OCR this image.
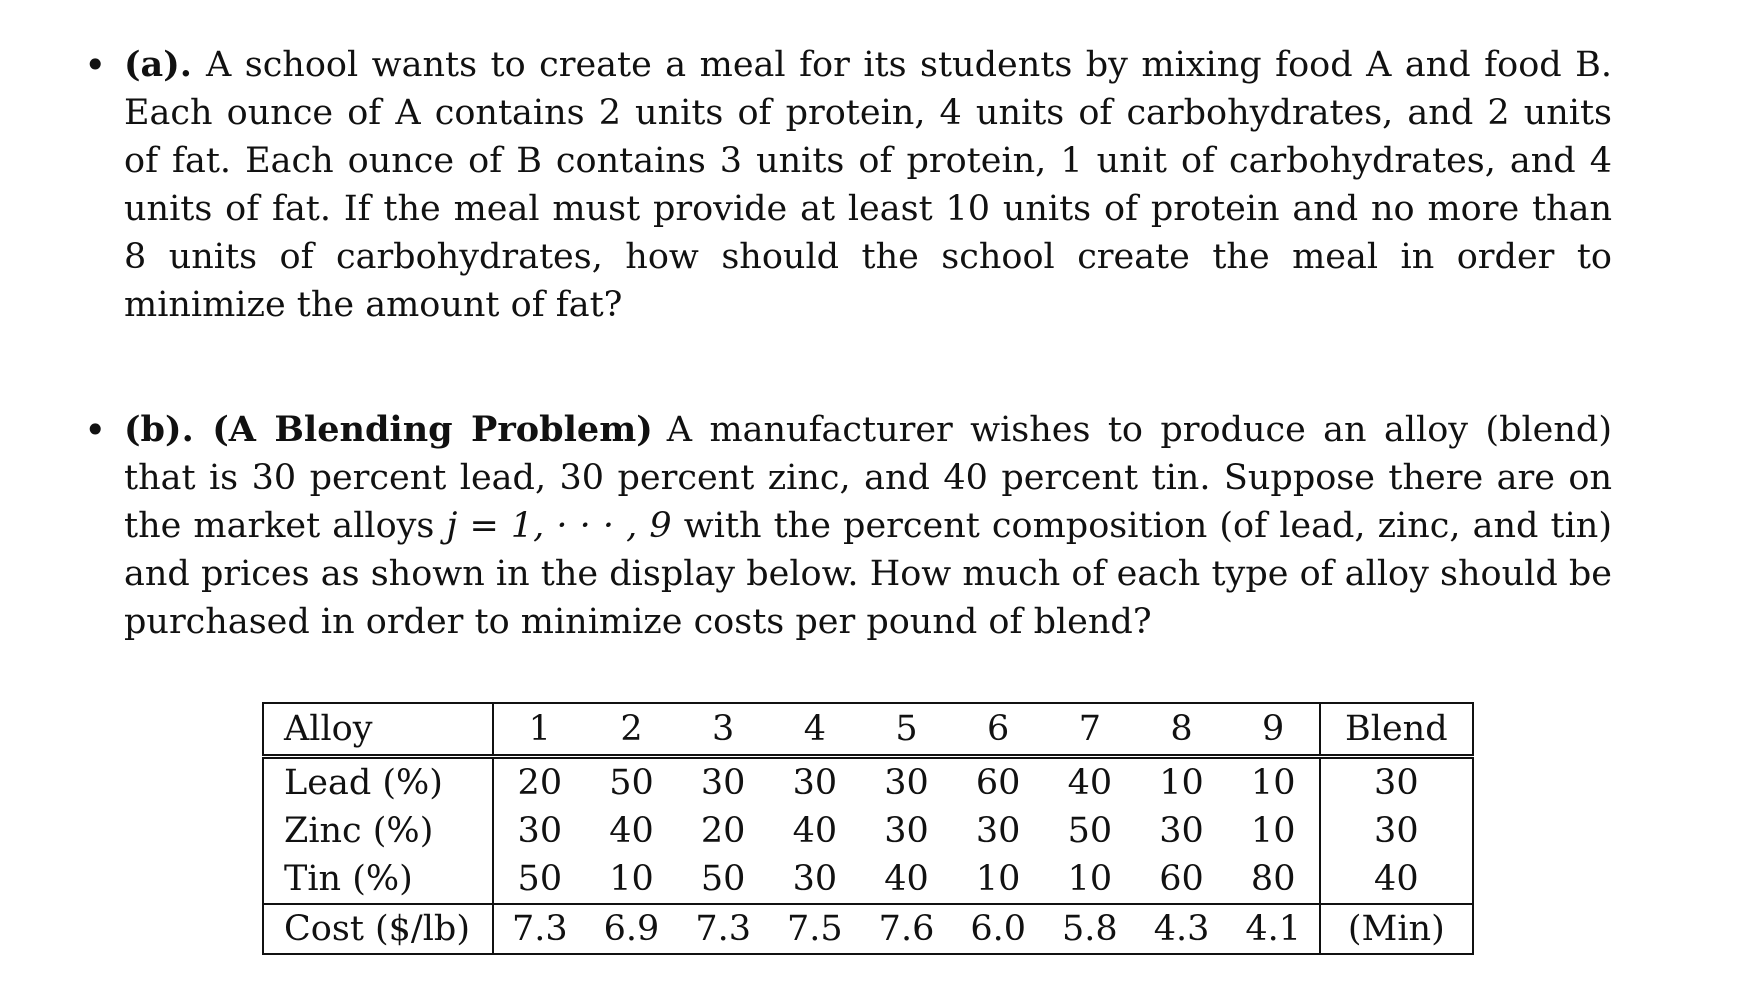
• (a). A school wants to create a meal for its students by mixing food A and food B. Each ounce of A contains 2 units of protein, 4 units of carbohydrates, and 2 units of fat. Each ounce of B contains 3 units of protein, 1 unit of carbohydrates, and 4 units of fat. If the meal must provide at least 10 units of protein and no more than 8 units of carbohydrates, how should the school create the meal in order to minimize the amount of fat?
• (b). (A Blending Problem) A manufacturer wishes to produce an alloy (blend) that is 30 percent lead, 30 percent zinc, and 40 percent tin. Suppose there are on the market alloys j = 1, · · · , 9 with the percent composition (of lead, zinc, and tin) and prices as shown in the display below. How much of each type of alloy should be purchased in order to minimize costs per pound of blend?
Alloy	1	2	3	4	5	6	7	8	9	Blend
Lead (%)	20	50	30	30	30	60	40	10	10	30
Zinc (%)	30	40	20	40	30	30	50	30	10	30
Tin (%)	50	10	50	30	40	10	10	60	80	40
Cost ($/lb)	7.3	6.9	7.3	7.5	7.6	6.0	5.8	4.3	4.1	(Min)
